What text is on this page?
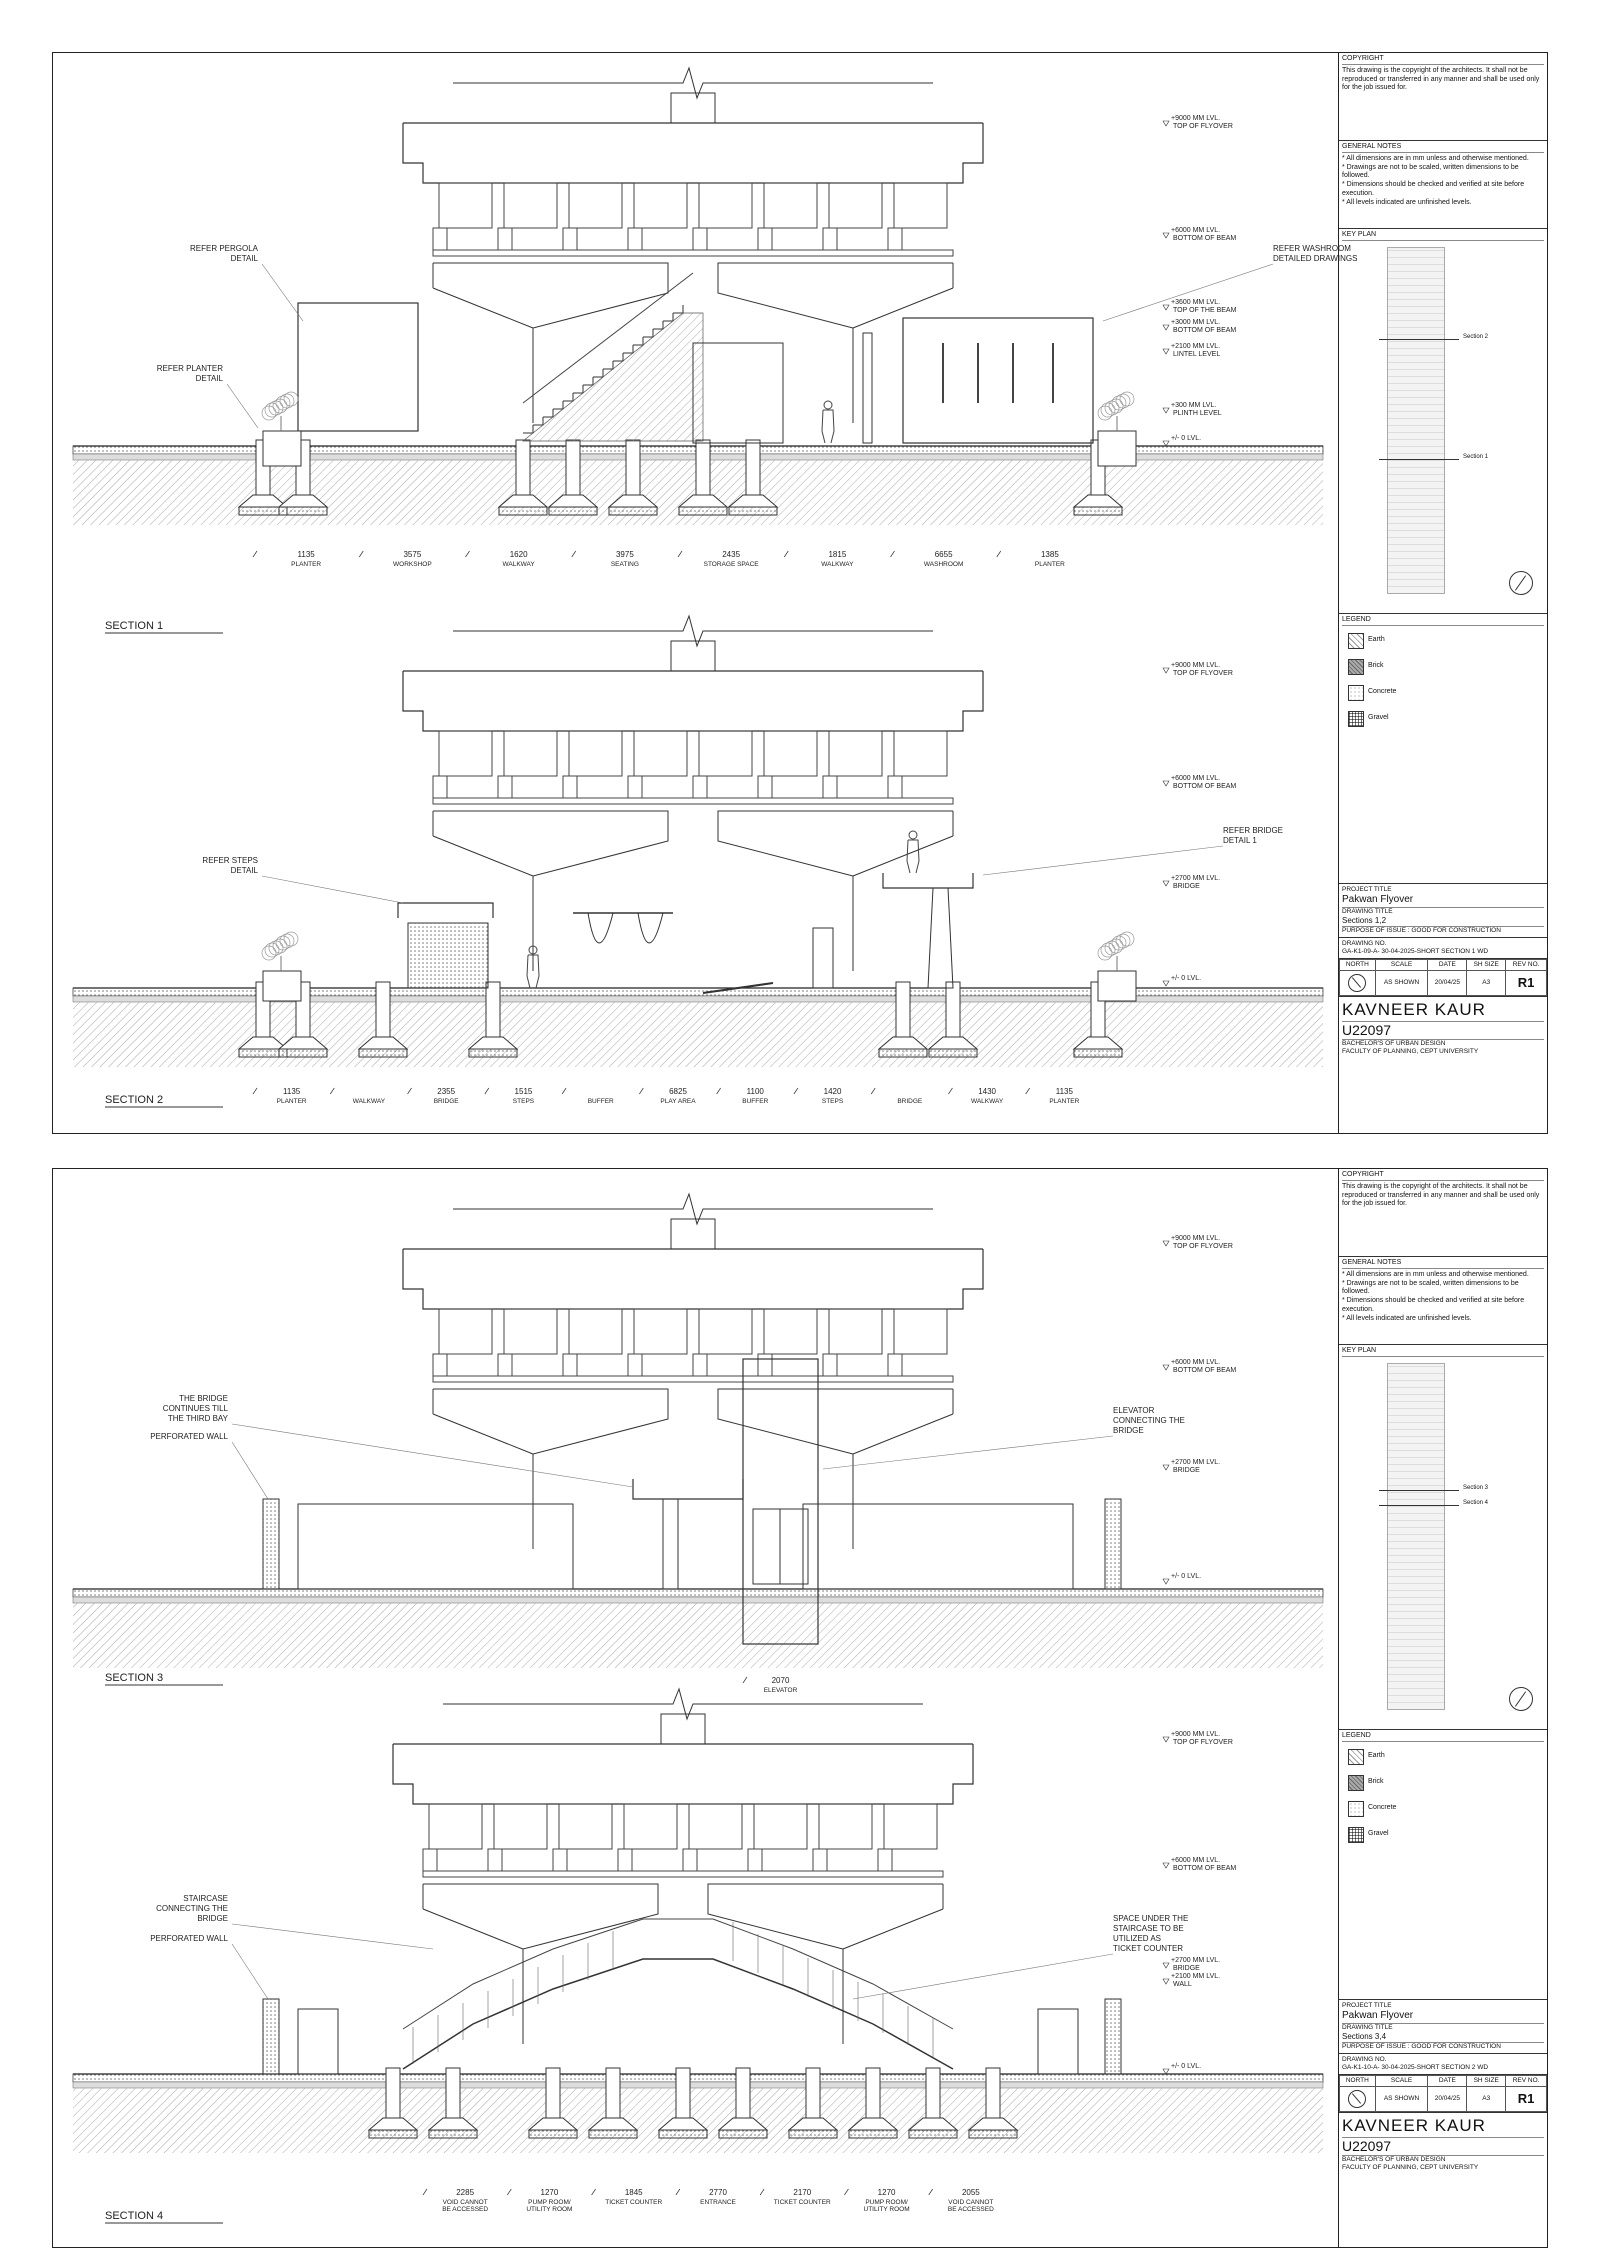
+9000 MM LVL.
TOP OF FLYOVER
+6000 MM LVL.
BOTTOM OF BEAM
+3600 MM LVL.
TOP OF THE BEAM
+3000 MM LVL.
BOTTOM OF BEAM
+2100 MM LVL.
LINTEL LEVEL
+300 MM LVL.
PLINTH LEVEL
+/- 0 LVL.
REFER PERGOLA
DETAIL
REFER PLANTER
DETAIL
REFER WASHROOM
DETAILED DRAWINGS
1135
PLANTER
3575
WORKSHOP
1620
WALKWAY
3975
SEATING
2435
STORAGE SPACE
1815
WALKWAY
6655
WASHROOM
1385
PLANTER
SECTION 1
+9000 MM LVL.
TOP OF FLYOVER
+6000 MM LVL.
BOTTOM OF BEAM
+2700 MM LVL.
BRIDGE
+/- 0 LVL.
REFER STEPS
DETAIL
REFER BRIDGE
DETAIL 1
1135
PLANTER	WALKWAY
2355
BRIDGE
1515
STEPS	BUFFER
6825
PLAY AREA
1100
BUFFER
1420
STEPS	BRIDGE
1430
WALKWAY
1135
PLANTER
SECTION 2
COPYRIGHT
This drawing is the copyright of the architects. It shall not be reproduced or transferred in any manner and shall be used only for the job issued for.
GENERAL NOTES
* All dimensions are in mm unless and otherwise mentioned.
* Drawings are not to be scaled, written dimensions to be followed.
* Dimensions should be checked and verified at site before execution.
* All levels indicated are unfinished levels.
KEY PLAN
Section 2
Section 1
LEGEND
Earth
Brick
Concrete
Gravel
PROJECT TITLE
Pakwan Flyover
DRAWING TITLE
Sections 1,2
PURPOSE OF ISSUE : GOOD FOR CONSTRUCTION
DRAWING NO.
GA-K1-09-A- 30-04-2025-SHORT SECTION 1 WD
NORTH	SCALE	DATE	SH SIZE	REV NO.

	AS SHOWN	20/04/25	A3	R1
KAVNEER KAUR
U22097
BACHELOR'S OF URBAN DESIGN
FACULTY OF PLANNING, CEPT UNIVERSITY
+9000 MM LVL.
TOP OF FLYOVER
+6000 MM LVL.
BOTTOM OF BEAM
+2700 MM LVL.
BRIDGE
+/- 0 LVL.
THE BRIDGE
CONTINUES TILL
THE THIRD BAY
PERFORATED WALL
ELEVATOR
CONNECTING THE
BRIDGE
2070
ELEVATOR
SECTION 3
+9000 MM LVL.
TOP OF FLYOVER
+6000 MM LVL.
BOTTOM OF BEAM
+2700 MM LVL.
BRIDGE
+2100 MM LVL.
WALL
+/- 0 LVL.
STAIRCASE
CONNECTING THE
BRIDGE
PERFORATED WALL
SPACE UNDER THE
STAIRCASE TO BE
UTILIZED AS
TICKET COUNTER
2285
VOID CANNOT
BE ACCESSED
1270
PUMP ROOM/
UTILITY ROOM
1845
TICKET COUNTER
2770
ENTRANCE
2170
TICKET COUNTER
1270
PUMP ROOM/
UTILITY ROOM
2055
VOID CANNOT
BE ACCESSED
SECTION 4
COPYRIGHT
This drawing is the copyright of the architects. It shall not be reproduced or transferred in any manner and shall be used only for the job issued for.
GENERAL NOTES
* All dimensions are in mm unless and otherwise mentioned.
* Drawings are not to be scaled, written dimensions to be followed.
* Dimensions should be checked and verified at site before execution.
* All levels indicated are unfinished levels.
KEY PLAN
Section 3
Section 4
LEGEND
Earth
Brick
Concrete
Gravel
PROJECT TITLE
Pakwan Flyover
DRAWING TITLE
Sections 3,4
PURPOSE OF ISSUE : GOOD FOR CONSTRUCTION
DRAWING NO.
GA-K1-10-A- 30-04-2025-SHORT SECTION 2 WD
NORTH	SCALE	DATE	SH SIZE	REV NO.

	AS SHOWN	20/04/25	A3	R1
KAVNEER KAUR
U22097
BACHELOR'S OF URBAN DESIGN
FACULTY OF PLANNING, CEPT UNIVERSITY
